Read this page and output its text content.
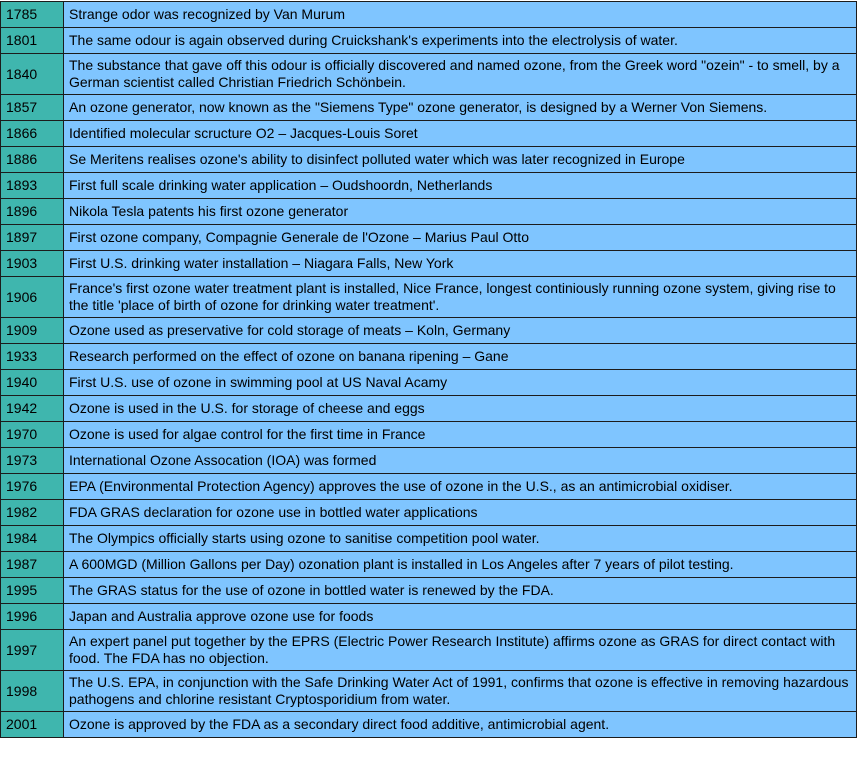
1785	Strange odor was recognized by Van Murum
1801	The same odour is again observed during Cruickshank's experiments into the electrolysis of water.
1840	The substance that gave off this odour is officially discovered and named ozone, from the Greek word "ozein" - to smell, by a German scientist called Christian Friedrich Schönbein.
1857	An ozone generator, now known as the "Siemens Type" ozone generator, is designed by a Werner Von Siemens.
1866	Identified molecular scructure O2 – Jacques-Louis Soret
1886	Se Meritens realises ozone's ability to disinfect polluted water which was later recognized in Europe
1893	First full scale drinking water application – Oudshoordn, Netherlands
1896	Nikola Tesla patents his first ozone generator
1897	First ozone company, Compagnie Generale de l'Ozone – Marius Paul Otto
1903	First U.S. drinking water installation – Niagara Falls, New York
1906	France's first ozone water treatment plant is installed, Nice France, longest continiously running ozone system, giving rise to the title 'place of birth of ozone for drinking water treatment'.
1909	Ozone used as preservative for cold storage of meats – Koln, Germany
1933	Research performed on the effect of ozone on banana ripening – Gane
1940	First U.S. use of ozone in swimming pool at US Naval Acamy
1942	Ozone is used in the U.S. for storage of cheese and eggs
1970	Ozone is used for algae control for the first time in France
1973	International Ozone Assocation (IOA) was formed
1976	EPA (Environmental Protection Agency) approves the use of ozone in the U.S., as an antimicrobial oxidiser.
1982	FDA GRAS declaration for ozone use in bottled water applications
1984	The Olympics officially starts using ozone to sanitise competition pool water.
1987	A 600MGD (Million Gallons per Day) ozonation plant is installed in Los Angeles after 7 years of pilot testing.
1995	The GRAS status for the use of ozone in bottled water is renewed by the FDA.
1996	Japan and Australia approve ozone use for foods
1997	An expert panel put together by the EPRS (Electric Power Research Institute) affirms ozone as GRAS for direct contact with food. The FDA has no objection.
1998	The U.S. EPA, in conjunction with the Safe Drinking Water Act of 1991, confirms that ozone is effective in removing hazardous pathogens and chlorine resistant Cryptosporidium from water.
2001	Ozone is approved by the FDA as a secondary direct food additive, antimicrobial agent.
